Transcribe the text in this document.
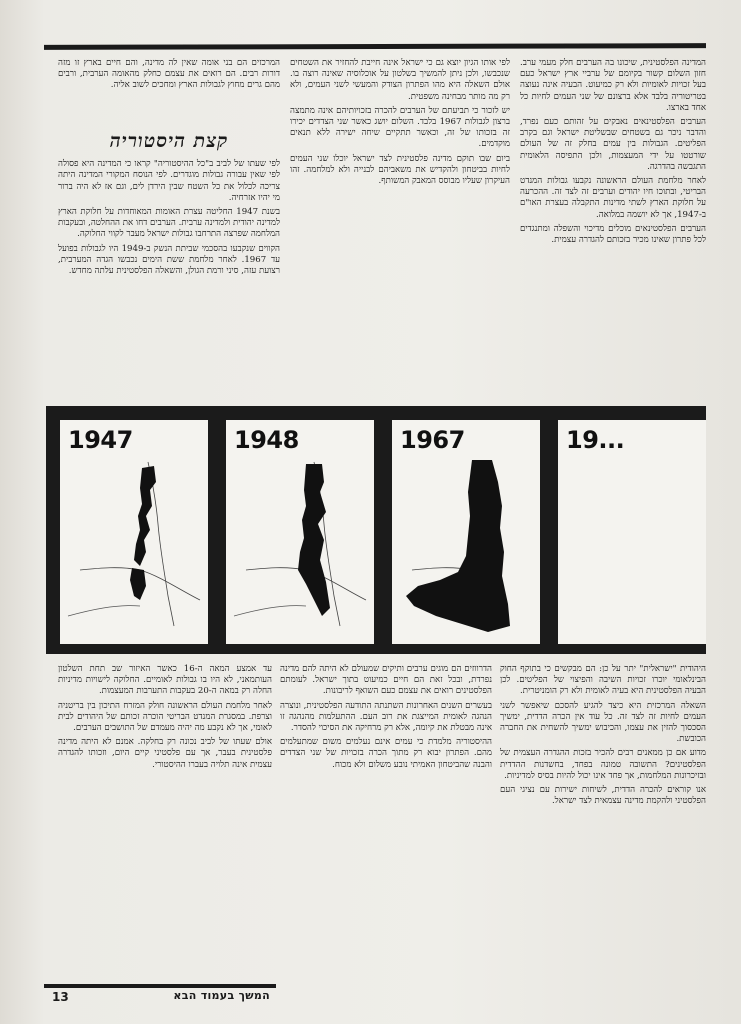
המדינה הפלסטינית, שיכונו בה הערבים חלק מעמי ערב. חזון השלום קשור בקיומם של ערביי ארץ ישראל כעם בעל זכויות לאומיות ולא רק כמיעוט. הבעיה אינה נעוצה בטריטוריה בלבד אלא ברצונם של שני העמים לחיות כל אחד בארצו.

הערבים הפלסטינאים נאבקים על זהותם כעם נפרד, והדבר ניכר גם בשטחים שבשליטת ישראל וגם בקרב הפליטים. הגבולות בין עמים בחלק זה של העולם שורטטו על ידי המעצמות, ולכן התפיסה הלאומית התגבשה בהדרגה.

לאחר מלחמת העולם הראשונה נקבעו גבולות המנדט הבריטי, ובתוכו חיו יהודים וערבים זה לצד זה. ההכרעה על חלוקת הארץ לשתי מדינות התקבלה בעצרת האו"ם ב-1947, אך לא יושמה במלואה.

הערבים הפלסטינאים מוכלים מדיכוי והשפלה ומתנגדים לכל פתרון שאינו מכיר בזכותם להגדרה עצמית.

לפי אותו הגיון יוצא גם כי ישראל אינה חייבת להחזיר את השטחים שנכבשו, ולכן ניתן להמשיך בשלטון על אוכלוסיה שאינה רוצה בו. אולם השאלה היא מהו הפתרון הצודק והמעשי לשני העמים, ולא רק מה מותר מבחינה משפטית.

יש לזכור כי תביעתם של הערבים להכרה בזכויותיהם אינה מתמצה ברצון לגבולות 1967 בלבד. השלום יושג כאשר שני הצדדים יכירו זה בזכותו של זה, וכאשר תתקיים שיחה ישירה ללא תנאים מוקדמים.

ביום שבו תוקם מדינה פלסטינית לצד ישראל יוכלו שני העמים לחיות בביטחון ולהקדיש את משאביהם לבנייה ולא למלחמה. זהו העיקרון שעליו מבוסס המאבק המשותף.

המרכזים הם בני אומה שאין לה מדינה, והם חיים בארץ זו מזה דורות רבים. הם רואים את עצמם כחלק מהאומה הערבית, ורבים מהם גרים מחוץ לגבולות הארץ ומחכים לשוב אליה.

קצת היסטוריה

לפי שעתו של לביב ב"כל ההיסטוריה" קראו כי המדינה היא פסולה לפי שאין עבורה גבולות מוגדרים. לפי הנוסח המקורי המדינה היתה צריכה לכלול את כל השטח שבין הירדן לים, וגם אז לא היה ברור מי יהיו אזרחיה.

בשנת 1947 החליטה עצרת האומות המאוחדות על חלוקת הארץ למדינה יהודית ולמדינה ערבית. הערבים דחו את ההחלטה, ובעקבות המלחמה שפרצה התרחבו גבולות ישראל מעבר לקווי החלוקה.

הקווים שנקבעו בהסכמי שביתת הנשק ב-1949 היו לגבולות בפועל עד 1967. לאחר מלחמת ששת הימים נכבשו הגדה המערבית, רצועת עזה, סיני ורמת הגולן, והשאלה הפלסטינית עלתה מחדש.

1947	1948	1967	19...

היהודית "ישראלית" יתר על כן: הם מבקשים כי בתוקף החוק הבינלאומי יוכרו זכויות השיבה והפיצוי של הפליטים. לכן הבעיה הפלסטינית היא בעיה לאומית ולא רק הומניטרית.

השאלה המרכזית היא כיצד להגיע להסכם שיאפשר לשני העמים לחיות זה לצד זה. כל עוד אין הכרה הדדית, ימשיך הסכסוך להזין את עצמו, והכיבוש ימשיך להשחית את החברה הכובשת.

מדוע אם כן ממאנים רבים להכיר בזכות ההגדרה העצמית של הפלסטינים? התשובה טמונה בפחד, בחשדנות ההדדית ובזיכרונות המלחמות, אך פחד אינו יכול להיות בסיס למדיניות.

אנו קוראים להכרה הדדית, לשיחות ישירות עם נציגי העם הפלסטיני ולהקמת מדינה עצמאית לצד ישראל.

הדרווזים הם מוגים ערבים ותיקים שמעולם לא היתה להם מדינה נפרדת, ובכל זאת הם חיים כמיעוט בתוך ישראל. לעומתם הפלסטינים רואים את עצמם כעם השואף לריבונות.

בעשרים השנים האחרונות השתנתה התודעה הפלסטינית, ונוצרה הנהגה לאומית המייצגת את רוב העם. ההתעלמות מהנהגה זו אינה מבטלת את קיומה, אלא רק מרחיקה את הסיכוי להסדר.

ההיסטוריה מלמדת כי עמים אינם נעלמים משום שמתעלמים מהם. הפתרון יבוא רק מתוך הכרה בזכויות של שני הצדדים והבנה שהביטחון האמיתי נובע משלום ולא מכוח.

עד אמצע המאה ה-16 כאשר האיזור שב תחת השלטון העותמאני, לא היו בו גבולות לאומיים. החלוקה לישויות מדיניות החלה רק במאה ה-20 בעקבות התערבות המעצמות.

לאחר מלחמת העולם הראשונה חולק המזרח התיכון בין בריטניה וצרפת. במסגרת המנדט הבריטי הוכרה זכותם של היהודים לבית לאומי, אך לא נקבע מה יהיה מעמדם של התושבים הערבים.

אולם שעתו של לביב נכונה רק בחלקה. אמנם לא היתה מדינה פלסטינית בעבר, אך עם פלסטיני קיים היום, וזכותו להגדרה עצמית אינה תלויה בעברו ההיסטורי.

13	המשך בעמוד הבא
